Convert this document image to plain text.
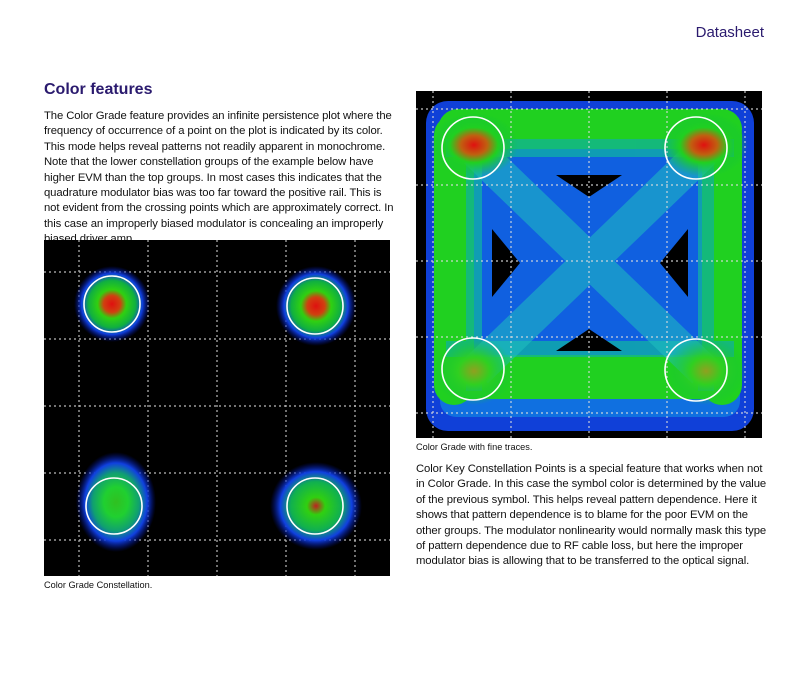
Datasheet
Color features

The Color Grade feature provides an infinite persistence plot where the frequency of occurrence of a point on the plot is indicated by its color. This mode helps reveal patterns not readily apparent in monochrome. Note that the lower constellation groups of the example below have higher EVM than the top groups. In most cases this indicates that the quadrature modulator bias was too far toward the positive rail. This is not evident from the crossing points which are approximately correct. In this case an improperly biased modulator is concealing an improperly

Color Grade Constellation.
Color Grade with fine traces.

Color Key Constellation Points is a special feature that works when not in Color Grade. In this case the symbol color is determined by the value of the previous symbol. This helps reveal pattern dependence. Here it shows that pattern dependence is to blame for the poor EVM on the other groups. The modulator nonlinearity would normally mask this type of pattern dependence due to RF cable loss, but here the improper modulator bias is allowing that to be transferred to the optical signal.
